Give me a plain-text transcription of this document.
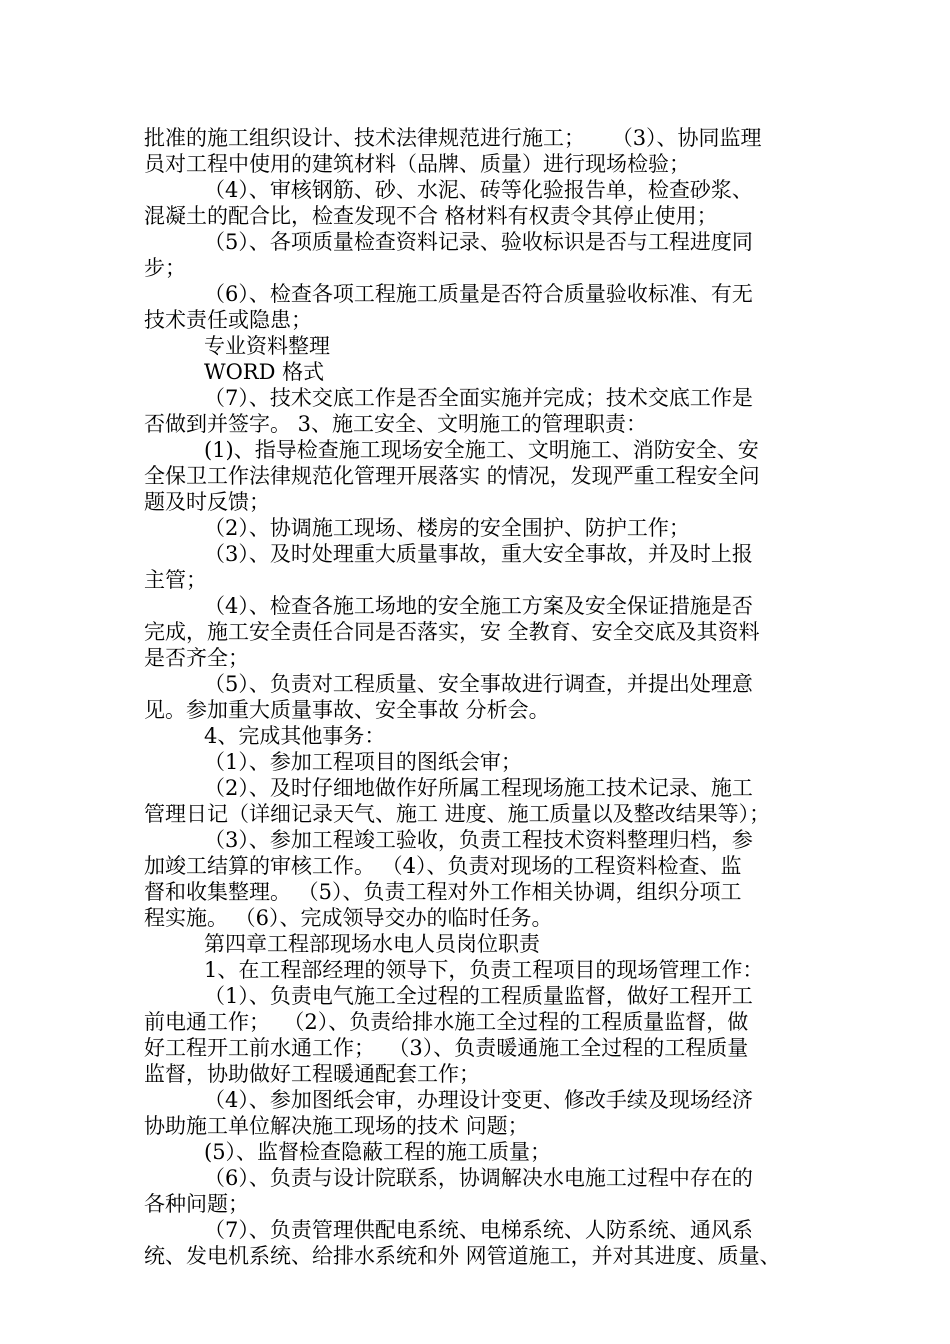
批准的施工组织设计、技术法律规范进行施工；    （3）、协同监理
员对工程中使用的建筑材料（品牌、质量）进行现场检验；
（4）、审核钢筋、砂、水泥、砖等化验报告单，检查砂浆、
混凝土的配合比，检查发现不合 格材料有权责令其停止使用；
（5）、各项质量检查资料记录、验收标识是否与工程进度同
步；
（6）、检查各项工程施工质量是否符合质量验收标准、有无
技术责任或隐患；
专业资料整理
WORD 格式
（7）、技术交底工作是否全面实施并完成；技术交底工作是
否做到并签字。 3、施工安全、文明施工的管理职责：
(1)、指导检查施工现场安全施工、文明施工、消防安全、安
全保卫工作法律规范化管理开展落实 的情况，发现严重工程安全问
题及时反馈；
（2）、协调施工现场、楼房的安全围护、防护工作；
（3）、及时处理重大质量事故，重大安全事故，并及时上报
主管；
（4）、检查各施工场地的安全施工方案及安全保证措施是否
完成，施工安全责任合同是否落实，安 全教育、安全交底及其资料
是否齐全；
（5）、负责对工程质量、安全事故进行调查，并提出处理意
见。参加重大质量事故、安全事故 分析会。
4、完成其他事务：
（1）、参加工程项目的图纸会审；
（2）、及时仔细地做作好所属工程现场施工技术记录、施工
管理日记（详细记录天气、施工 进度、施工质量以及整改结果等）；
（3）、参加工程竣工验收，负责工程技术资料整理归档，参
加竣工结算的审核工作。 （4）、负责对现场的工程资料检查、监
督和收集整理。 （5）、负责工程对外工作相关协调，组织分项工
程实施。 （6）、完成领导交办的临时任务。
第四章工程部现场水电人员岗位职责
1、在工程部经理的领导下，负责工程项目的现场管理工作：
（1）、负责电气施工全过程的工程质量监督，做好工程开工
前电通工作；  （2）、负责给排水施工全过程的工程质量监督，做
好工程开工前水通工作；  （3）、负责暖通施工全过程的工程质量
监督，协助做好工程暖通配套工作；
（4）、参加图纸会审，办理设计变更、修改手续及现场经济
协助施工单位解决施工现场的技术 问题；
(5）、监督检查隐蔽工程的施工质量；
（6）、负责与设计院联系，协调解决水电施工过程中存在的
各种问题；
（7）、负责管理供配电系统、电梯系统、人防系统、通风系
统、发电机系统、给排水系统和外 网管道施工，并对其进度、质量、
